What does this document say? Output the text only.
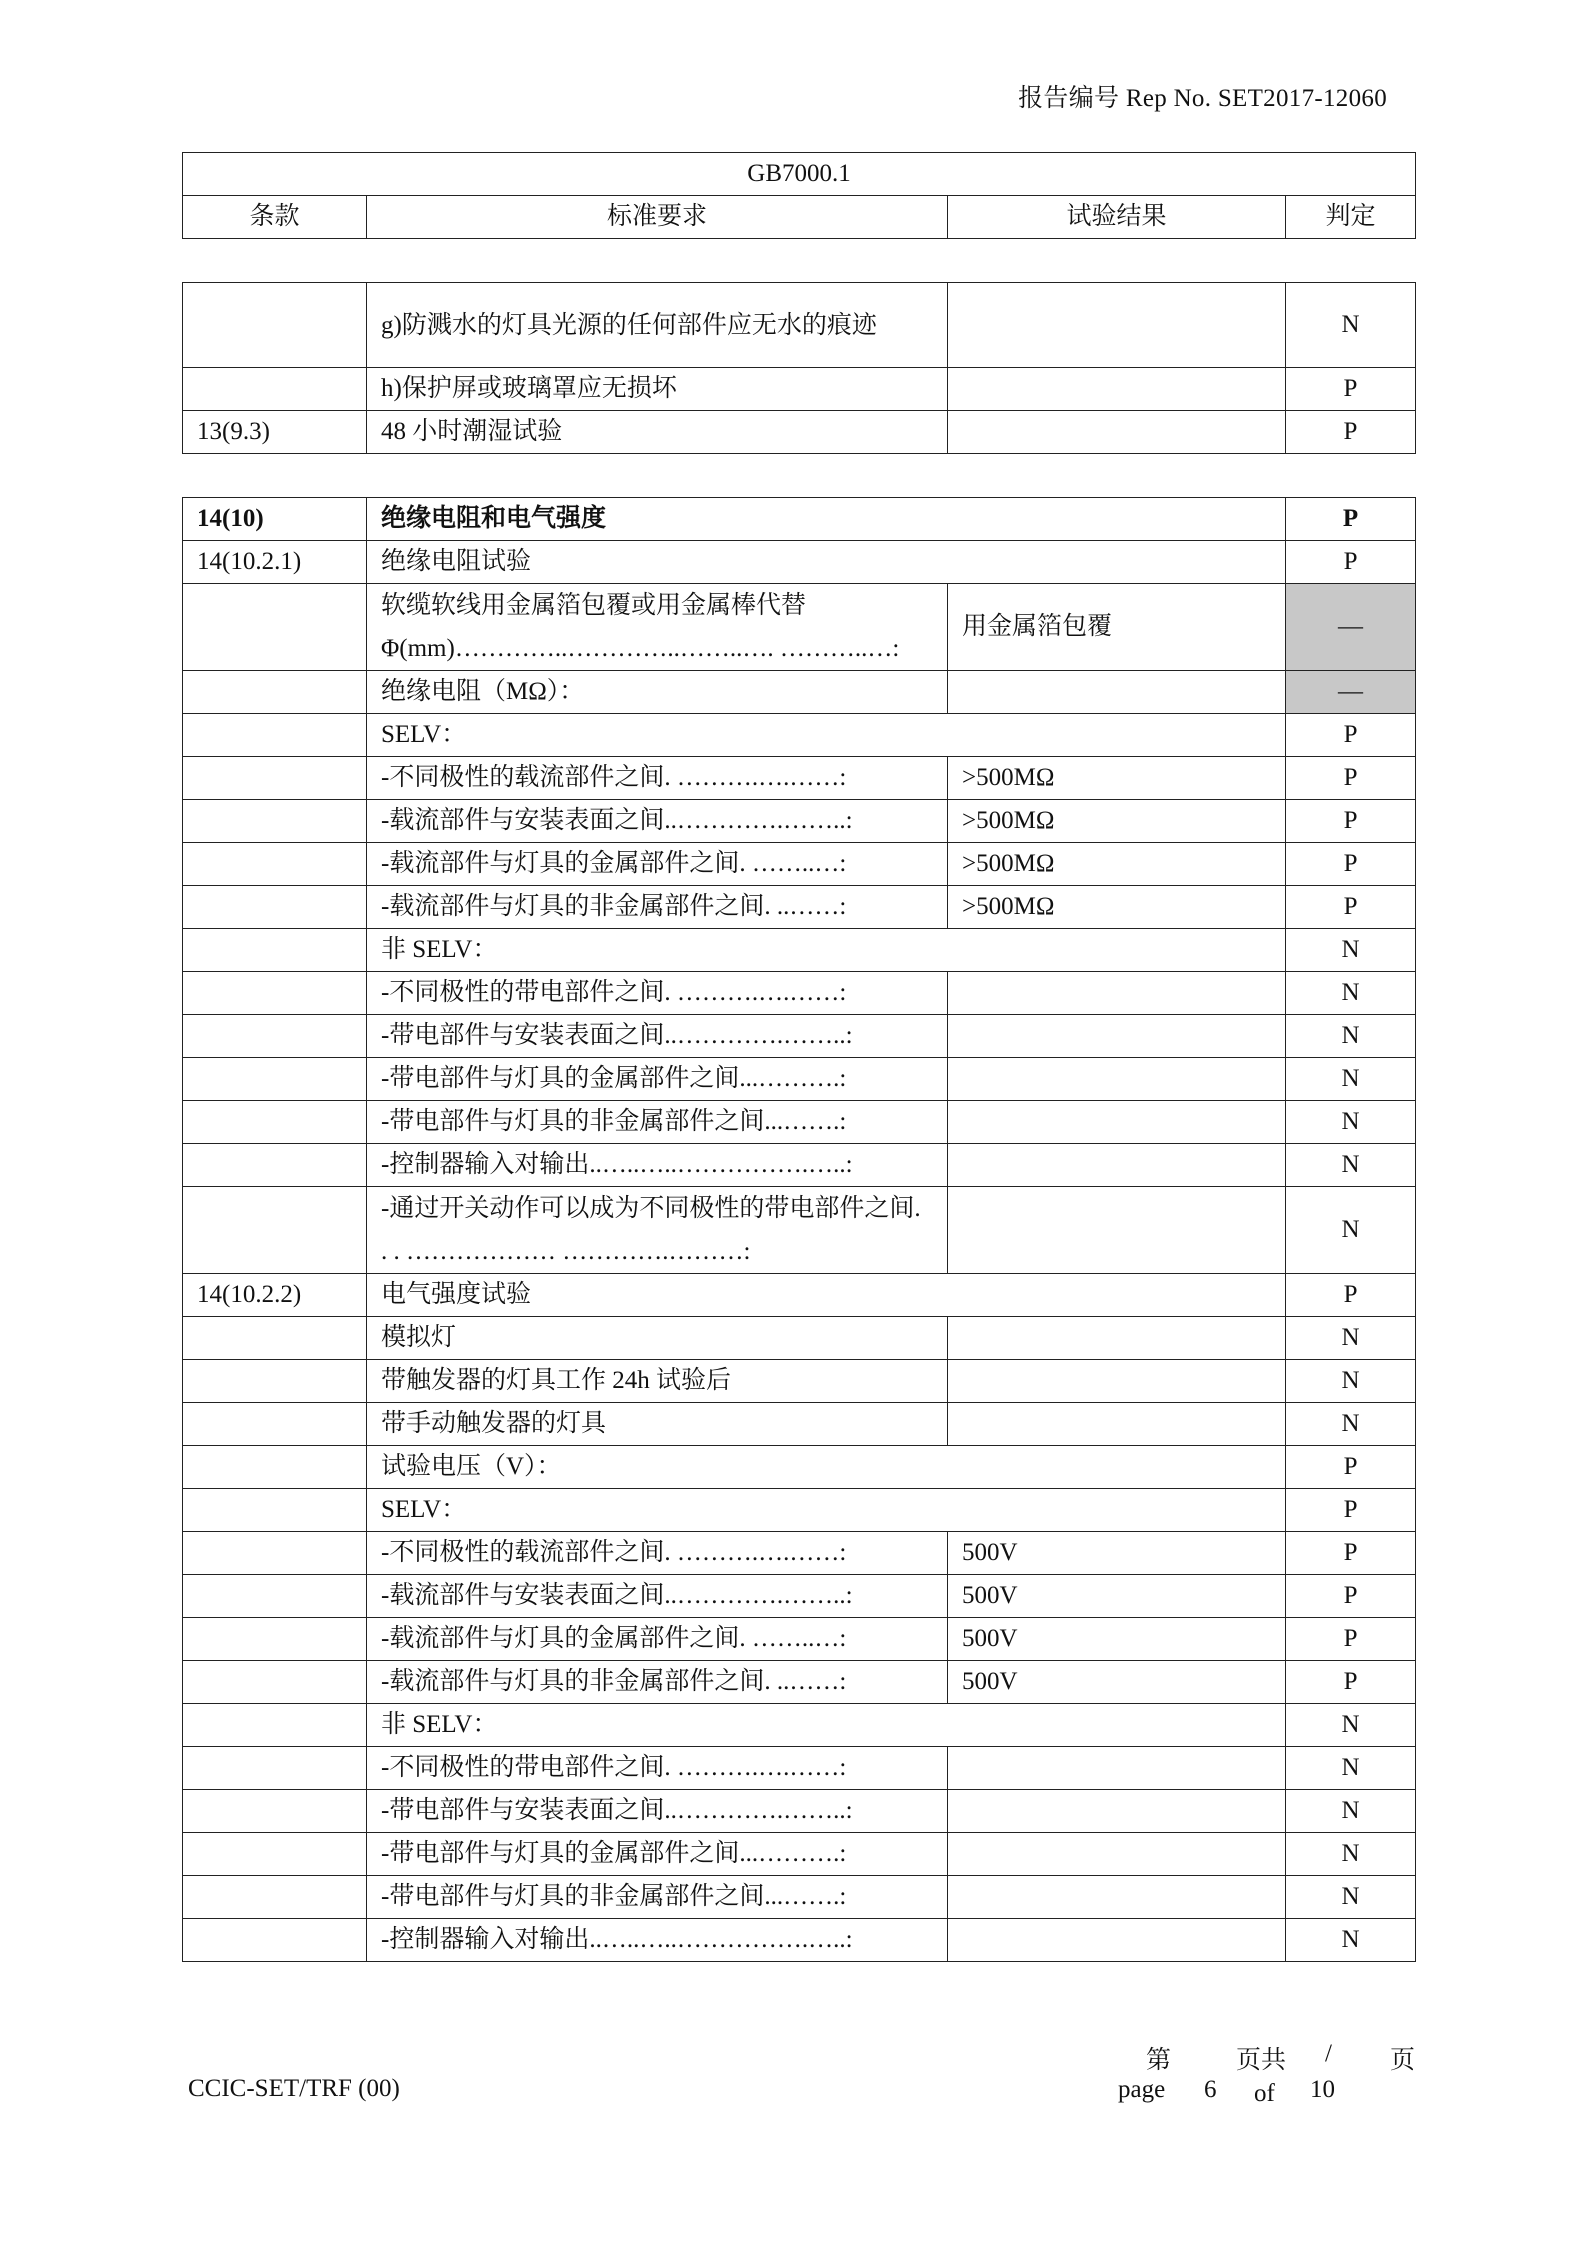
报告编号 Rep No. SET2017-12060
GB7000.1
条款	标准要求	试验结果	判定
	g)防溅水的灯具光源的任何部件应无水的痕迹		N
	h)保护屏或玻璃罩应无损坏		P
13(9.3)	48 小时潮湿试验		P
14(10)	绝缘电阻和电气强度		P
14(10.2.1)	绝缘电阻试验		P
	软缆软线用金属箔包覆或用金属棒代替Φ(mm)…………..…………..……..…. ………..…:	用金属箔包覆	—
	绝缘电阻（MΩ）：		—
	SELV：		P
	-不同极性的载流部件之间. ……….….……:	>500MΩ	P
	-载流部件与安装表面之间..………….……..:	>500MΩ	P
	-载流部件与灯具的金属部件之间. ……..…:	>500MΩ	P
	-载流部件与灯具的非金属部件之间. ..……:	>500MΩ	P
	非 SELV：		N
	-不同极性的带电部件之间. ……….….……:		N
	-带电部件与安装表面之间..………….……..:		N
	-带电部件与灯具的金属部件之间...……….:		N
	-带电部件与灯具的非金属部件之间...…….:		N
	-控制器输入对输出..…..…..…………….…..:		N
	-通过开关动作可以成为不同极性的带电部件之间. . . ……………… ………….………:		N
14(10.2.2)	电气强度试验		P
	模拟灯		N
	带触发器的灯具工作 24h 试验后		N
	带手动触发器的灯具		N
	试验电压（V）：		P
	SELV：		P
	-不同极性的载流部件之间. ……….….……:	500V	P
	-载流部件与安装表面之间..………….……..:	500V	P
	-载流部件与灯具的金属部件之间. ……..…:	500V	P
	-载流部件与灯具的非金属部件之间. ..……:	500V	P
	非 SELV：		N
	-不同极性的带电部件之间. ……….….……:		N
	-带电部件与安装表面之间..………….……..:		N
	-带电部件与灯具的金属部件之间...……….:		N
	-带电部件与灯具的非金属部件之间...…….:		N
	-控制器输入对输出..…..…..…………….…..:		N
CCIC-SET/TRF (00)
第	页共 / 页
page 6 of 10
